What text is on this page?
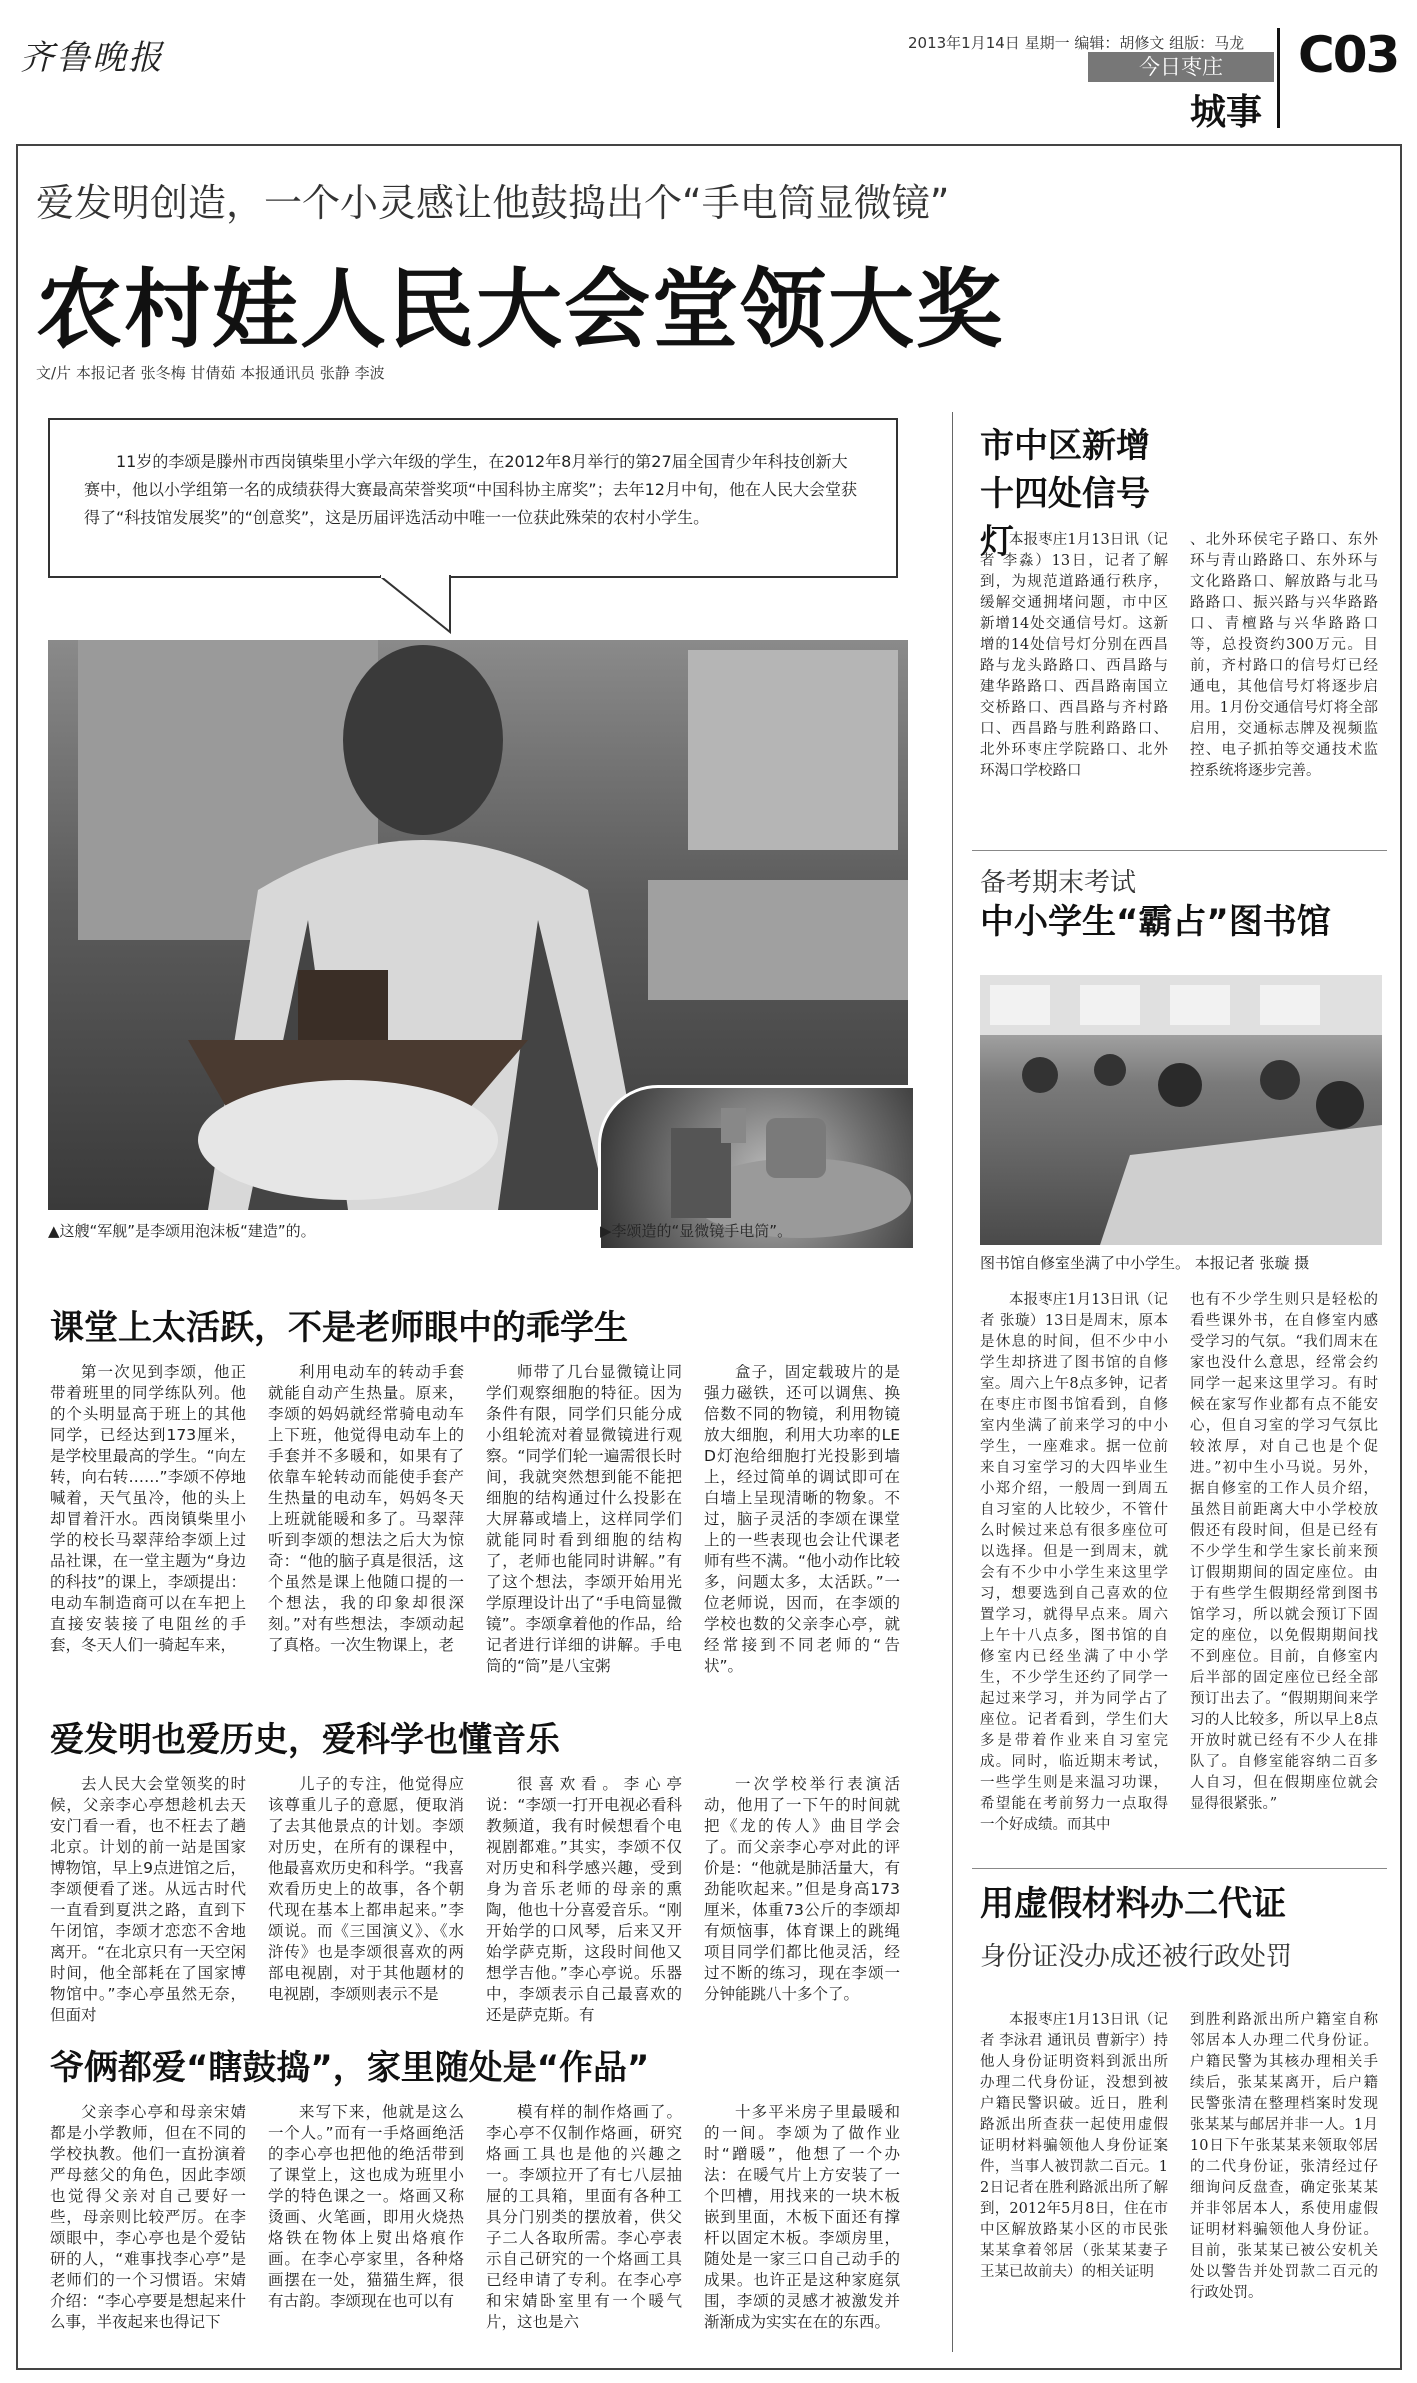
齐鲁晚报	2013年1月14日 星期一 编辑：胡修文 组版：马龙
今日枣庄
城事
C03
爱发明创造，一个小灵感让他鼓捣出个“手电筒显微镜”
农村娃人民大会堂领大奖
文/片 本报记者 张冬梅 甘倩茹 本报通讯员 张静 李波
11岁的李颂是滕州市西岗镇柴里小学六年级的学生，在2012年8月举行的第27届全国青少年科技创新大赛中，他以小学组第一名的成绩获得大赛最高荣誉奖项“中国科协主席奖”；去年12月中旬，他在人民大会堂获得了“科技馆发展奖”的“创意奖”，这是历届评选活动中唯一一位获此殊荣的农村小学生。
▲这艘“军舰”是李颂用泡沫板“建造”的。	▶李颂造的“显微镜手电筒”。
课堂上太活跃，不是老师眼中的乖学生
第一次见到李颂，他正带着班里的同学练队列。他的个头明显高于班上的其他同学，已经达到173厘米，是学校里最高的学生。“向左转，向右转……”李颂不停地喊着，天气虽冷，他的头上却冒着汗水。西岗镇柴里小学的校长马翠萍给李颂上过品社课，在一堂主题为“身边的科技”的课上，李颂提出：电动车制造商可以在车把上直接安装接了电阻丝的手套，冬天人们一骑起车来，
利用电动车的转动手套就能自动产生热量。原来，李颂的妈妈就经常骑电动车上下班，他觉得电动车上的手套并不多暖和，如果有了依靠车轮转动而能使手套产生热量的电动车，妈妈冬天上班就能暖和多了。马翠萍听到李颂的想法之后大为惊奇：“他的脑子真是很活，这个虽然是课上他随口提的一个想法，我的印象却很深刻。”对有些想法，李颂动起了真格。一次生物课上，老
师带了几台显微镜让同学们观察细胞的特征。因为条件有限，同学们只能分成小组轮流对着显微镜进行观察。“同学们轮一遍需很长时间，我就突然想到能不能把细胞的结构通过什么投影在大屏幕或墙上，这样同学们就能同时看到细胞的结构了，老师也能同时讲解。”有了这个想法，李颂开始用光学原理设计出了“手电筒显微镜”。李颂拿着他的作品，给记者进行详细的讲解。手电筒的“筒”是八宝粥
盒子，固定载玻片的是强力磁铁，还可以调焦、换倍数不同的物镜，利用物镜放大细胞，利用大功率的LED灯泡给细胞打光投影到墙上，经过简单的调试即可在白墙上呈现清晰的物象。不过，脑子灵活的李颂在课堂上的一些表现也会让代课老师有些不满。“他小动作比较多，问题太多，太活跃。”一位老师说，因而，在李颂的学校也数的父亲李心亭，就经常接到不同老师的“告状”。
爱发明也爱历史，爱科学也懂音乐
去人民大会堂领奖的时候，父亲李心亭想趁机去天安门看一看，也不枉去了趟北京。计划的前一站是国家博物馆，早上9点进馆之后，李颂便看了迷。从远古时代一直看到夏洪之路，直到下午闭馆，李颂才恋恋不舍地离开。“在北京只有一天空闲时间，他全部耗在了国家博物馆中。”李心亭虽然无奈，但面对
儿子的专注，他觉得应该尊重儿子的意愿，便取消了去其他景点的计划。李颂对历史，在所有的课程中，他最喜欢历史和科学。“我喜欢看历史上的故事，各个朝代现在基本上都串起来。”李颂说。而《三国演义》、《水浒传》也是李颂很喜欢的两部电视剧，对于其他题材的电视剧，李颂则表示不是
很喜欢看。李心亭说：“李颂一打开电视必看科教频道，我有时候想看个电视剧都难。”其实，李颂不仅对历史和科学感兴趣，受到身为音乐老师的母亲的熏陶，他也十分喜爱音乐。“刚开始学的口风琴，后来又开始学萨克斯，这段时间他又想学吉他。”李心亭说。乐器中，李颂表示自己最喜欢的还是萨克斯。有
一次学校举行表演活动，他用了一下午的时间就把《龙的传人》曲目学会了。而父亲李心亭对此的评价是：“他就是肺活量大，有劲能吹起来。”但是身高173厘米，体重73公斤的李颂却有烦恼事，体育课上的跳绳项目同学们都比他灵活，经过不断的练习，现在李颂一分钟能跳八十多个了。
爷俩都爱“瞎鼓捣”，家里随处是“作品”
父亲李心亭和母亲宋婧都是小学教师，但在不同的学校执教。他们一直扮演着严母慈父的角色，因此李颂也觉得父亲对自己要好一些，母亲则比较严厉。在李颂眼中，李心亭也是个爱钻研的人，“难事找李心亭”是老师们的一个习惯语。宋婧介绍：“李心亭要是想起来什么事，半夜起来也得记下
来写下来，他就是这么一个人。”而有一手烙画绝活的李心亭也把他的绝活带到了课堂上，这也成为班里小学的特色课之一。烙画又称烫画、火笔画，即用火烧热烙铁在物体上熨出烙痕作画。在李心亭家里，各种烙画摆在一处，猫猫生辉，很有古韵。李颂现在也可以有
模有样的制作烙画了。李心亭不仅制作烙画，研究烙画工具也是他的兴趣之一。李颂拉开了有七八层抽屉的工具箱，里面有各种工具分门别类的摆放着，供父子二人各取所需。李心亭表示自己研究的一个烙画工具已经申请了专利。在李心亭和宋婧卧室里有一个暖气片，这也是六
十多平米房子里最暖和的一间。李颂为了做作业时“蹭暖”，他想了一个办法：在暖气片上方安装了一个凹槽，用找来的一块木板嵌到里面，木板下面还有撑杆以固定木板。李颂房里，随处是一家三口自己动手的成果。也许正是这种家庭氛围，李颂的灵感才被激发并渐渐成为实实在在的东西。
市中区新增十四处信号灯
本报枣庄1月13日讯（记者 李淼）13日，记者了解到，为规范道路通行秩序，缓解交通拥堵问题，市中区新增14处交通信号灯。这新增的14处信号灯分别在西昌路与龙头路路口、西昌路与建华路路口、西昌路南国立交桥路口、西昌路与齐村路口、西昌路与胜利路路口、北外环枣庄学院路口、北外环渴口学校路口
、北外环侯宅子路口、东外环与青山路路口、东外环与文化路路口、解放路与北马路路口、振兴路与兴华路路口、青檀路与兴华路路口等，总投资约300万元。目前，齐村路口的信号灯已经通电，其他信号灯将逐步启用。1月份交通信号灯将全部启用，交通标志牌及视频监控、电子抓拍等交通技术监控系统将逐步完善。
备考期末考试
中小学生“霸占”图书馆
图书馆自修室坐满了中小学生。 本报记者 张璇 摄
本报枣庄1月13日讯（记者 张璇）13日是周末，原本是休息的时间，但不少中小学生却挤进了图书馆的自修室。周六上午8点多钟，记者在枣庄市图书馆看到，自修室内坐满了前来学习的中小学生，一座难求。据一位前来自习室学习的大四毕业生小郑介绍，一般周一到周五自习室的人比较少，不管什么时候过来总有很多座位可以选择。但是一到周末，就会有不少中小学生来这里学习，想要选到自己喜欢的位置学习，就得早点来。周六上午十八点多，图书馆的自修室内已经坐满了中小学生，不少学生还约了同学一起过来学习，并为同学占了座位。记者看到，学生们大多是带着作业来自习室完成。同时，临近期末考试，一些学生则是来温习功课，希望能在考前努力一点取得一个好成绩。而其中
也有不少学生则只是轻松的看些课外书，在自修室内感受学习的气氛。“我们周末在家也没什么意思，经常会约同学一起来这里学习。有时候在家写作业都有点不能安心，但自习室的学习气氛比较浓厚，对自己也是个促进。”初中生小马说。另外，据自修室的工作人员介绍，虽然目前距离大中小学校放假还有段时间，但是已经有不少学生和学生家长前来预订假期期间的固定座位。由于有些学生假期经常到图书馆学习，所以就会预订下固定的座位，以免假期期间找不到座位。目前，自修室内后半部的固定座位已经全部预订出去了。“假期期间来学习的人比较多，所以早上8点开放时就已经有不少人在排队了。自修室能容纳二百多人自习，但在假期座位就会显得很紧张。”
用虚假材料办二代证
身份证没办成还被行政处罚
本报枣庄1月13日讯（记者 李泳君 通讯员 曹新宇）持他人身份证明资料到派出所办理二代身份证，没想到被户籍民警识破。近日，胜利路派出所查获一起使用虚假证明材料骗领他人身份证案件，当事人被罚款二百元。12日记者在胜利路派出所了解到，2012年5月8日，住在市中区解放路某小区的市民张某某拿着邻居（张某某妻子王某已故前夫）的相关证明
到胜利路派出所户籍室自称邻居本人办理二代身份证。户籍民警为其核办理相关手续后，张某某离开，后户籍民警张清在整理档案时发现张某某与邮居并非一人。1月10日下午张某某来领取邻居的二代身份证，张清经过仔细询问反盘查，确定张某某并非邻居本人，系使用虚假证明材料骗领他人身份证。目前，张某某已被公安机关处以警告并处罚款二百元的行政处罚。
